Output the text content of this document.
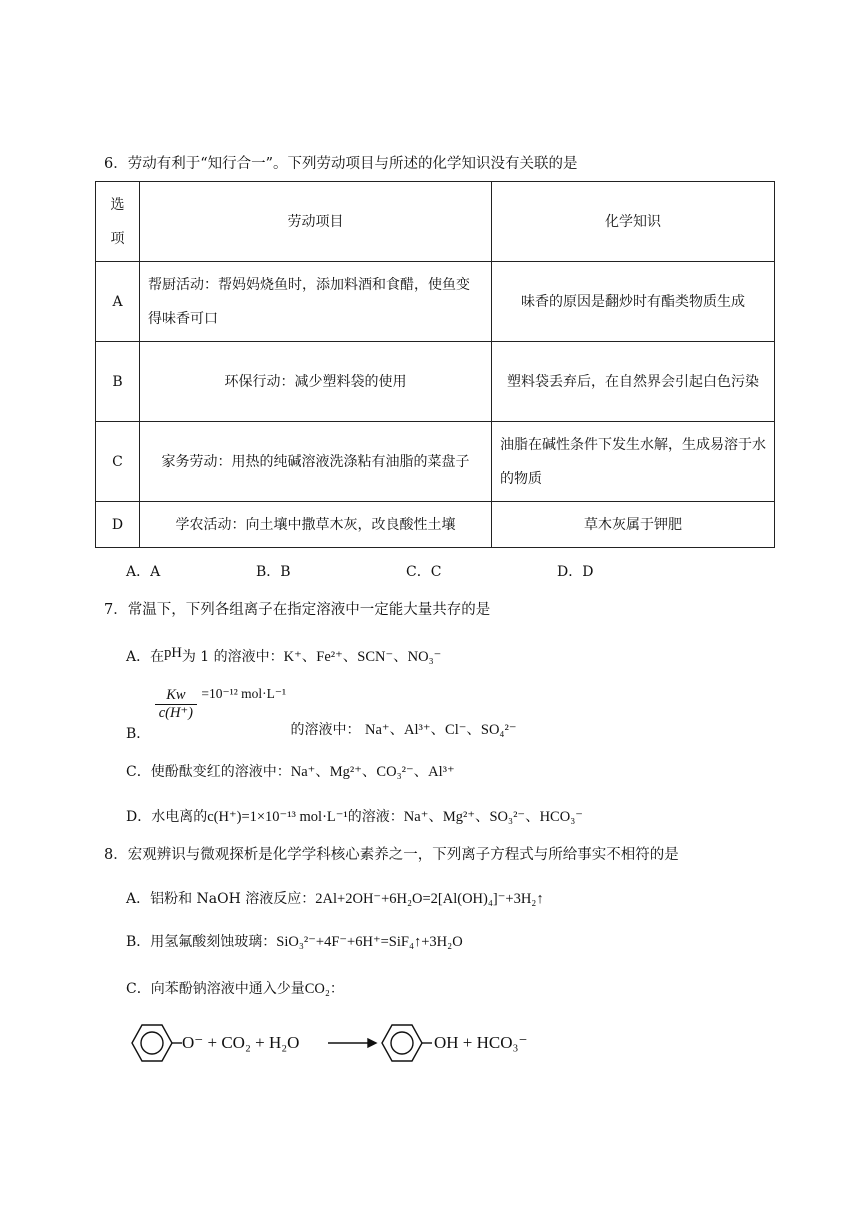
6．劳动有利于“知行合一”。下列劳动项目与所述的化学知识没有关联的是
选项	劳动项目	化学知识
A	帮厨活动：帮妈妈烧鱼时，添加料酒和食醋，使鱼变得味香可口	味香的原因是翻炒时有酯类物质生成
B	环保行动：减少塑料袋的使用	塑料袋丢弃后，在自然界会引起白色污染
C	家务劳动：用热的纯碱溶液洗涤粘有油脂的菜盘子	油脂在碱性条件下发生水解，生成易溶于水的物质
D	学农活动：向土壤中撒草木灰，改良酸性土壤	草木灰属于钾肥
A．A	B．B	C．C	D．D
7．常温下，下列各组离子在指定溶液中一定能大量共存的是
A．在pH为 1 的溶液中：K⁺、Fe²⁺、SCN⁻、NO₃⁻
B．
$\frac{Kw}{c(H^+)} =10^{-12}$ mol·L⁻¹ 的溶液中： Na⁺、Al³⁺、Cl⁻、SO₄²⁻
C．使酚酞变红的溶液中：Na⁺、Mg²⁺、CO₃²⁻、Al³⁺
D．水电离的c(H⁺)=1×10⁻¹³ mol·L⁻¹的溶液：Na⁺、Mg²⁺、SO₃²⁻、HCO₃⁻
8．宏观辨识与微观探析是化学学科核心素养之一，下列离子方程式与所给事实不相符的是
A．铝粉和 NaOH 溶液反应：2Al+2OH⁻+6H₂O=2[Al(OH)₄]⁻+3H₂↑
B．用氢氟酸刻蚀玻璃：SiO₃²⁻+4F⁻+6H⁺=SiF₄↑+3H₂O
C．向苯酚钠溶液中通入少量CO₂：
O⁻ + CO₂ + H₂O	OH + HCO₃⁻
